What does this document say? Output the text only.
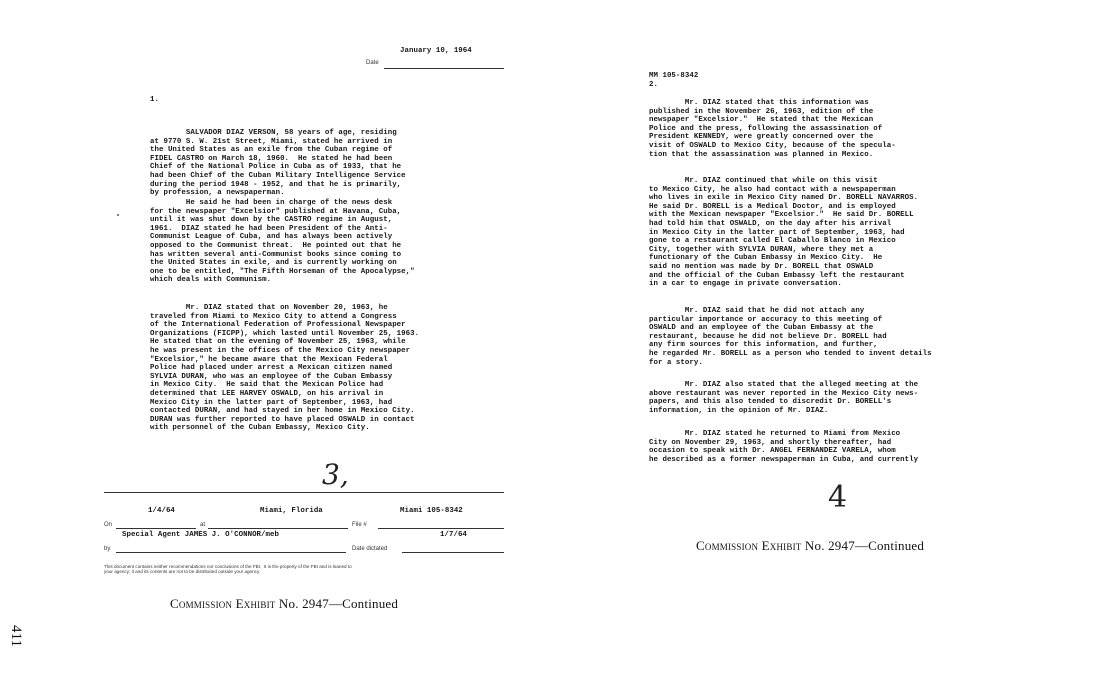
January 10, 1964
Date
1.
SALVADOR DIAZ VERSON, 58 years of age, residing
at 9770 S. W. 21st Street, Miami, stated he arrived in
the United States as an exile from the Cuban regime of
FIDEL CASTRO on March 18, 1960.  He stated he had been
Chief of the National Police in Cuba as of 1933, that he
had been Chief of the Cuban Military Intelligence Service
during the period 1948 - 1952, and that he is primarily,
by profession, a newspaperman.
He said he had been in charge of the news desk
for the newspaper "Excelsior" published at Havana, Cuba,
until it was shut down by the CASTRO regime in August,
1961.  DIAZ stated he had been President of the Anti-
Communist League of Cuba, and has always been actively
opposed to the Communist threat.  He pointed out that he
has written several anti-Communist books since coming to
the United States in exile, and is currently working on
one to be entitled, "The Fifth Horseman of the Apocalypse,"
which deals with Communism.
Mr. DIAZ stated that on November 20, 1963, he
traveled from Miami to Mexico City to attend a Congress
of the International Federation of Professional Newspaper
Organizations (FICPP), which lasted until November 25, 1963.
He stated that on the evening of November 25, 1963, while
he was present in the offices of the Mexico City newspaper
"Excelsior," he became aware that the Mexican Federal
Police had placed under arrest a Mexican citizen named
SYLVIA DURAN, who was an employee of the Cuban Embassy
in Mexico City.  He said that the Mexican Police had
determined that LEE HARVEY OSWALD, on his arrival in
Mexico City in the latter part of September, 1963, had
contacted DURAN, and had stayed in her home in Mexico City.
DURAN was further reported to have placed OSWALD in contact
with personnel of the Cuban Embassy, Mexico City.
3,
1/4/64	Miami, Florida	Miami 105-8342
On	at	File #
Special Agent JAMES J. O'CONNOR/meb	1/7/64
by	Date dictated
This document contains neither recommendations nor conclusions of the FBI.  It is the property of the FBI and is loaned to
your agency; it and its contents are not to be distributed outside your agency.
Commission Exhibit No. 2947—Continued
411
MM 105-8342
2.
Mr. DIAZ stated that this information was
published in the November 26, 1963, edition of the
newspaper "Excelsior."  He stated that the Mexican
Police and the press, following the assassination of
President KENNEDY, were greatly concerned over the
visit of OSWALD to Mexico City, because of the specula-
tion that the assassination was planned in Mexico.
Mr. DIAZ continued that while on this visit
to Mexico City, he also had contact with a newspaperman
who lives in exile in Mexico City named Dr. BORELL NAVARROS.
He said Dr. BORELL is a Medical Doctor, and is employed
with the Mexican newspaper "Excelsior."  He said Dr. BORELL
had told him that OSWALD, on the day after his arrival
in Mexico City in the latter part of September, 1963, had
gone to a restaurant called El Caballo Blanco in Mexico
City, together with SYLVIA DURAN, where they met a
functionary of the Cuban Embassy in Mexico City.  He
said no mention was made by Dr. BORELL that OSWALD
and the official of the Cuban Embassy left the restaurant
in a car to engage in private conversation.
Mr. DIAZ said that he did not attach any
particular importance or accuracy to this meeting of
OSWALD and an employee of the Cuban Embassy at the
restaurant, because he did not believe Dr. BORELL had
any firm sources for this information, and further,
he regarded Mr. BORELL as a person who tended to invent details
for a story.
Mr. DIAZ also stated that the alleged meeting at the
above restaurant was never reported in the Mexico City news-
papers, and this also tended to discredit Dr. BORELL's
information, in the opinion of Mr. DIAZ.
Mr. DIAZ stated he returned to Miami from Mexico
City on November 29, 1963, and shortly thereafter, had
occasion to speak with Dr. ANGEL FERNANDEZ VARELA, whom
he described as a former newspaperman in Cuba, and currently
4
Commission Exhibit No. 2947—Continued
